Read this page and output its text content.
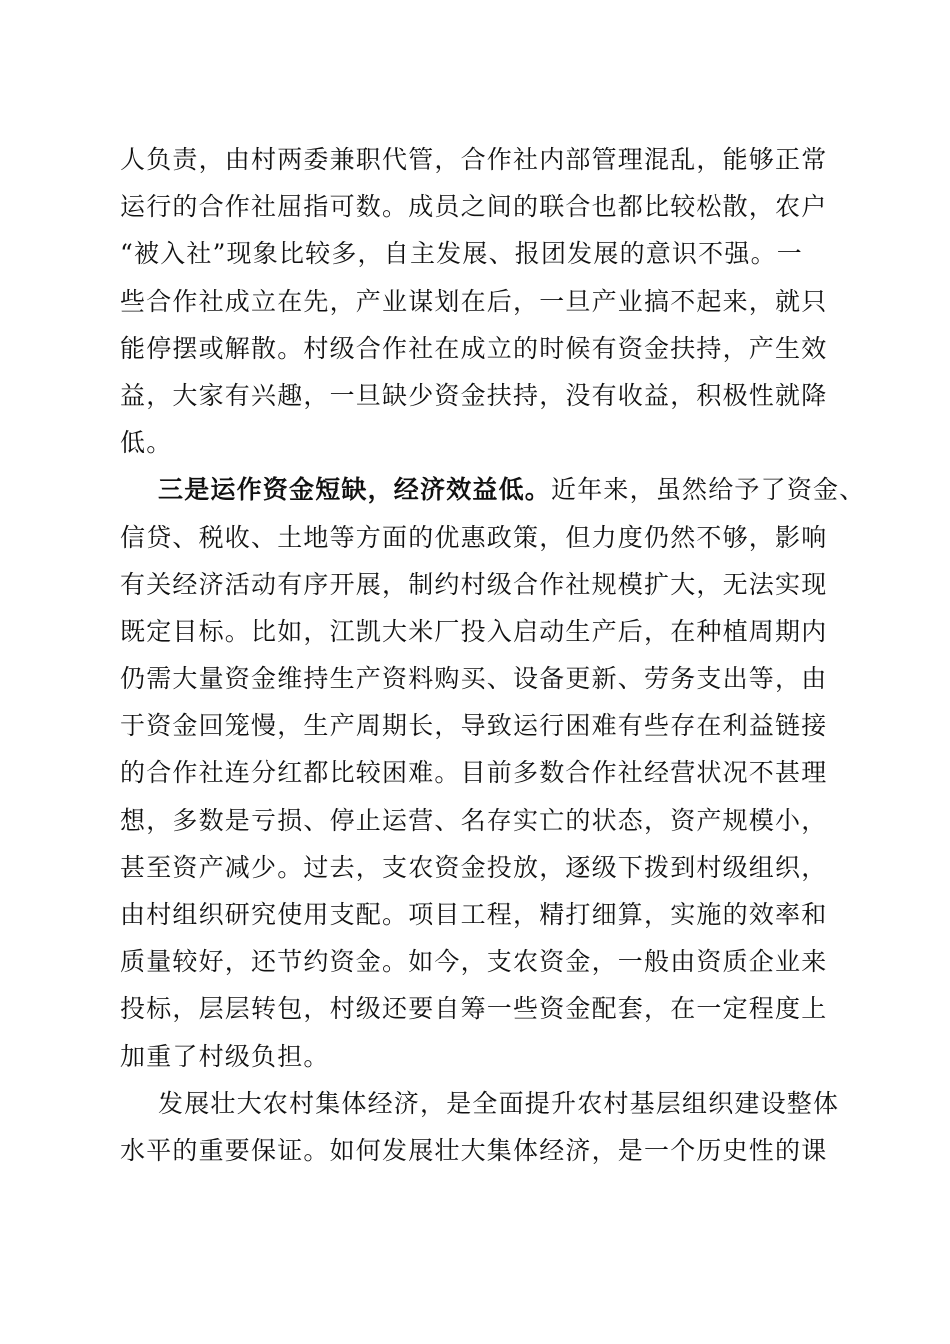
人负责，由村两委兼职代管，合作社内部管理混乱，能够正常
运行的合作社屈指可数。成员之间的联合也都比较松散，农户
“被入社”现象比较多，自主发展、报团发展的意识不强。一
些合作社成立在先，产业谋划在后，一旦产业搞不起来，就只
能停摆或解散。村级合作社在成立的时候有资金扶持，产生效
益，大家有兴趣，一旦缺少资金扶持，没有收益，积极性就降
低。
三是运作资金短缺，经济效益低。近年来，虽然给予了资金、
信贷、税收、土地等方面的优惠政策，但力度仍然不够，影响
有关经济活动有序开展，制约村级合作社规模扩大，无法实现
既定目标。比如，江凯大米厂投入启动生产后，在种植周期内
仍需大量资金维持生产资料购买、设备更新、劳务支出等，由
于资金回笼慢，生产周期长，导致运行困难有些存在利益链接
的合作社连分红都比较困难。目前多数合作社经营状况不甚理
想，多数是亏损、停止运营、名存实亡的状态，资产规模小，
甚至资产减少。过去，支农资金投放，逐级下拨到村级组织，
由村组织研究使用支配。项目工程，精打细算，实施的效率和
质量较好，还节约资金。如今，支农资金，一般由资质企业来
投标，层层转包，村级还要自筹一些资金配套，在一定程度上
加重了村级负担。
发展壮大农村集体经济，是全面提升农村基层组织建设整体
水平的重要保证。如何发展壮大集体经济，是一个历史性的课
